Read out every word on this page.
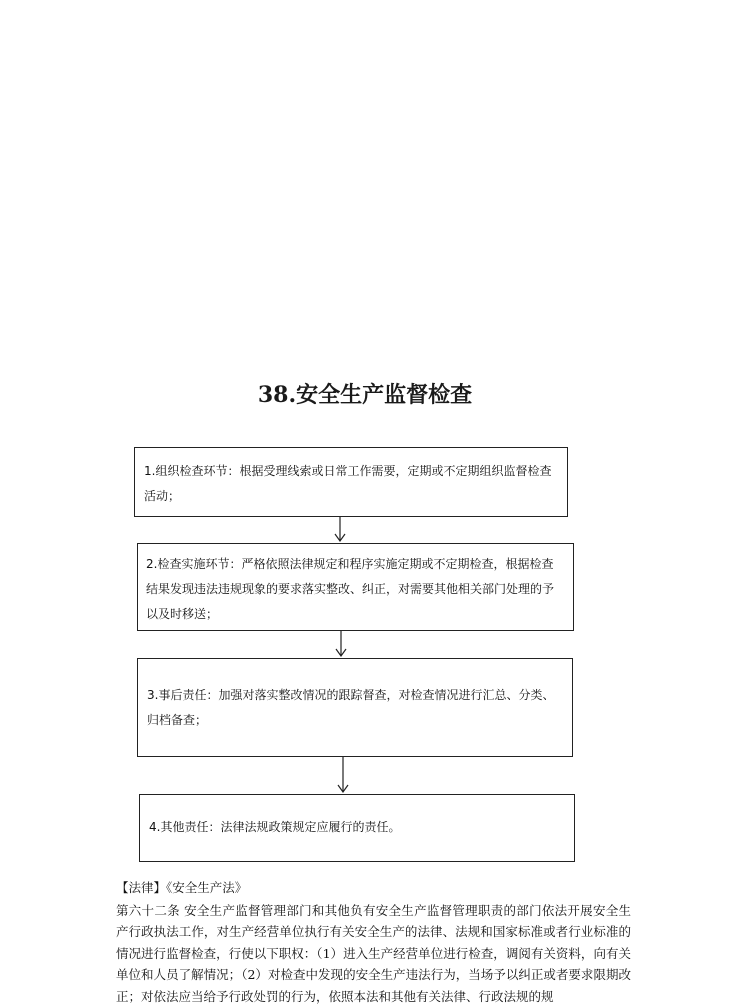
38.安全生产监督检查
1.组织检查环节：根据受理线索或日常工作需要，定期或不定期组织监督检查活动；
2.检查实施环节：严格依照法律规定和程序实施定期或不定期检查，根据检查结果发现违法违规现象的要求落实整改、纠正，对需要其他相关部门处理的予以及时移送；
3.事后责任：加强对落实整改情况的跟踪督查，对检查情况进行汇总、分类、归档备查；
4.其他责任：法律法规政策规定应履行的责任。

【法律】《安全生产法》

第六十二条 安全生产监督管理部门和其他负有安全生产监督管理职责的部门依法开展安全生产行政执法工作，对生产经营单位执行有关安全生产的法律、法规和国家标准或者行业标准的情况进行监督检查，行使以下职权：（1）进入生产经营单位进行检查，调阅有关资料，向有关单位和人员了解情况；（2）对检查中发现的安全生产违法行为，当场予以纠正或者要求限期改正；对依法应当给予行政处罚的行为，依照本法和其他有关法律、行政法规的规
